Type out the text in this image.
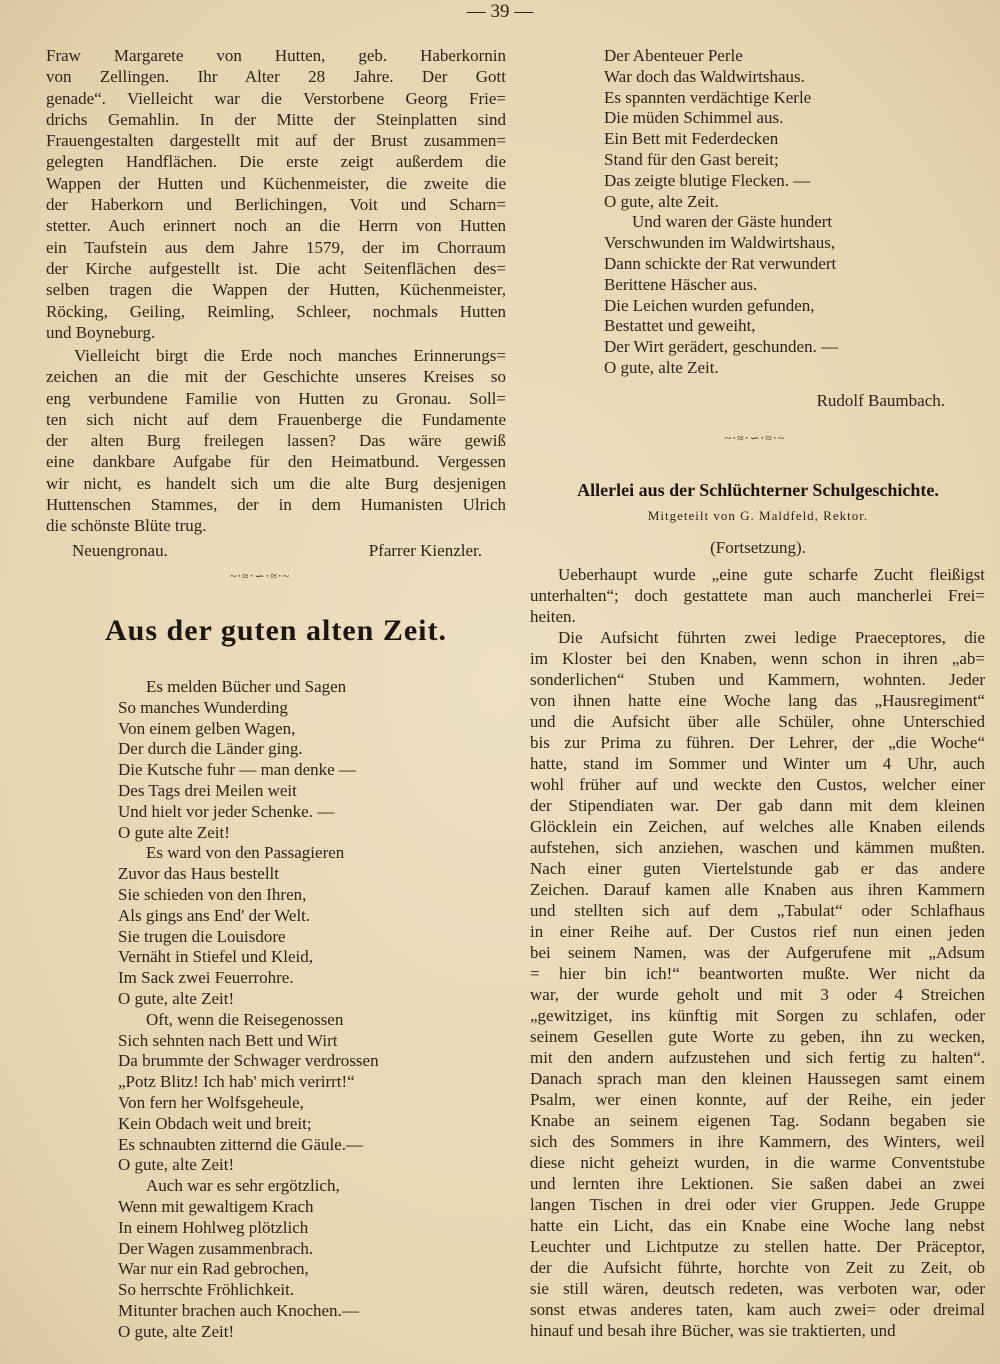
— 39 —
Fraw Margarete von Hutten, geb. Haberkornin
von Zellingen. Ihr Alter 28 Jahre. Der Gott
genade“. Vielleicht war die Verstorbene Georg Frie=
drichs Gemahlin. In der Mitte der Steinplatten sind
Frauengestalten dargestellt mit auf der Brust zusammen=
gelegten Handflächen. Die erste zeigt außerdem die
Wappen der Hutten und Küchenmeister, die zweite die
der Haberkorn und Berlichingen, Voit und Scharn=
stetter. Auch erinnert noch an die Herrn von Hutten
ein Taufstein aus dem Jahre 1579, der im Chorraum
der Kirche aufgestellt ist. Die acht Seitenflächen des=
selben tragen die Wappen der Hutten, Küchenmeister,
Röcking, Geiling, Reimling, Schleer, nochmals Hutten
und Boyneburg.
Vielleicht birgt die Erde noch manches Erinnerungs=
zeichen an die mit der Geschichte unseres Kreises so
eng verbundene Familie von Hutten zu Gronau. Soll=
ten sich nicht auf dem Frauenberge die Fundamente
der alten Burg freilegen lassen? Das wäre gewiß
eine dankbare Aufgabe für den Heimatbund. Vergessen
wir nicht, es handelt sich um die alte Burg desjenigen
Huttenschen Stammes, der in dem Humanisten Ulrich
die schönste Blüte trug.
Neuengronau.	Pfarrer Kienzler.
~⋅≈⋅∽⋅≈⋅~
Aus der guten alten Zeit.
Es melden Bücher und Sagen
So manches Wunderding
Von einem gelben Wagen,
Der durch die Länder ging.
Die Kutsche fuhr — man denke —
Des Tags drei Meilen weit
Und hielt vor jeder Schenke. —
O gute alte Zeit!
Es ward von den Passagieren
Zuvor das Haus bestellt
Sie schieden von den Ihren,
Als gings ans End' der Welt.
Sie trugen die Louisdore
Vernäht in Stiefel und Kleid,
Im Sack zwei Feuerrohre.
O gute, alte Zeit!
Oft, wenn die Reisegenossen
Sich sehnten nach Bett und Wirt
Da brummte der Schwager verdrossen
„Potz Blitz! Ich hab' mich verirrt!“
Von fern her Wolfsgeheule,
Kein Obdach weit und breit;
Es schnaubten zitternd die Gäule.—
O gute, alte Zeit!
Auch war es sehr ergötzlich,
Wenn mit gewaltigem Krach
In einem Hohlweg plötzlich
Der Wagen zusammenbrach.
War nur ein Rad gebrochen,
So herrschte Fröhlichkeit.
Mitunter brachen auch Knochen.—
O gute, alte Zeit!
Der Abenteuer Perle
War doch das Waldwirtshaus.
Es spannten verdächtige Kerle
Die müden Schimmel aus.
Ein Bett mit Federdecken
Stand für den Gast bereit;
Das zeigte blutige Flecken. —
O gute, alte Zeit.
Und waren der Gäste hundert
Verschwunden im Waldwirtshaus,
Dann schickte der Rat verwundert
Berittene Häscher aus.
Die Leichen wurden gefunden,
Bestattet und geweiht,
Der Wirt gerädert, geschunden. —
O gute, alte Zeit.
Rudolf Baumbach.
~⋅≈⋅∽⋅≈⋅~
Allerlei aus der Schlüchterner Schulgeschichte.
Mitgeteilt von G. Maldfeld, Rektor.
(Fortsetzung).
Ueberhaupt wurde „eine gute scharfe Zucht fleißigst
unterhalten“; doch gestattete man auch mancherlei Frei=
heiten.
Die Aufsicht führten zwei ledige Praeceptores, die
im Kloster bei den Knaben, wenn schon in ihren „ab=
sonderlichen“ Stuben und Kammern, wohnten. Jeder
von ihnen hatte eine Woche lang das „Hausregiment“
und die Aufsicht über alle Schüler, ohne Unterschied
bis zur Prima zu führen. Der Lehrer, der „die Woche“
hatte, stand im Sommer und Winter um 4 Uhr, auch
wohl früher auf und weckte den Custos, welcher einer
der Stipendiaten war. Der gab dann mit dem kleinen
Glöcklein ein Zeichen, auf welches alle Knaben eilends
aufstehen, sich anziehen, waschen und kämmen mußten.
Nach einer guten Viertelstunde gab er das andere
Zeichen. Darauf kamen alle Knaben aus ihren Kammern
und stellten sich auf dem „Tabulat“ oder Schlafhaus
in einer Reihe auf. Der Custos rief nun einen jeden
bei seinem Namen, was der Aufgerufene mit „Adsum
= hier bin ich!“ beantworten mußte. Wer nicht da
war, der wurde geholt und mit 3 oder 4 Streichen
„gewitziget, ins künftig mit Sorgen zu schlafen, oder
seinem Gesellen gute Worte zu geben, ihn zu wecken,
mit den andern aufzustehen und sich fertig zu halten“.
Danach sprach man den kleinen Haussegen samt einem
Psalm, wer einen konnte, auf der Reihe, ein jeder
Knabe an seinem eigenen Tag. Sodann begaben sie
sich des Sommers in ihre Kammern, des Winters, weil
diese nicht geheizt wurden, in die warme Conventstube
und lernten ihre Lektionen. Sie saßen dabei an zwei
langen Tischen in drei oder vier Gruppen. Jede Gruppe
hatte ein Licht, das ein Knabe eine Woche lang nebst
Leuchter und Lichtputze zu stellen hatte. Der Präceptor,
der die Aufsicht führte, horchte von Zeit zu Zeit, ob
sie still wären, deutsch redeten, was verboten war, oder
sonst etwas anderes taten, kam auch zwei= oder dreimal
hinauf und besah ihre Bücher, was sie traktierten, und
